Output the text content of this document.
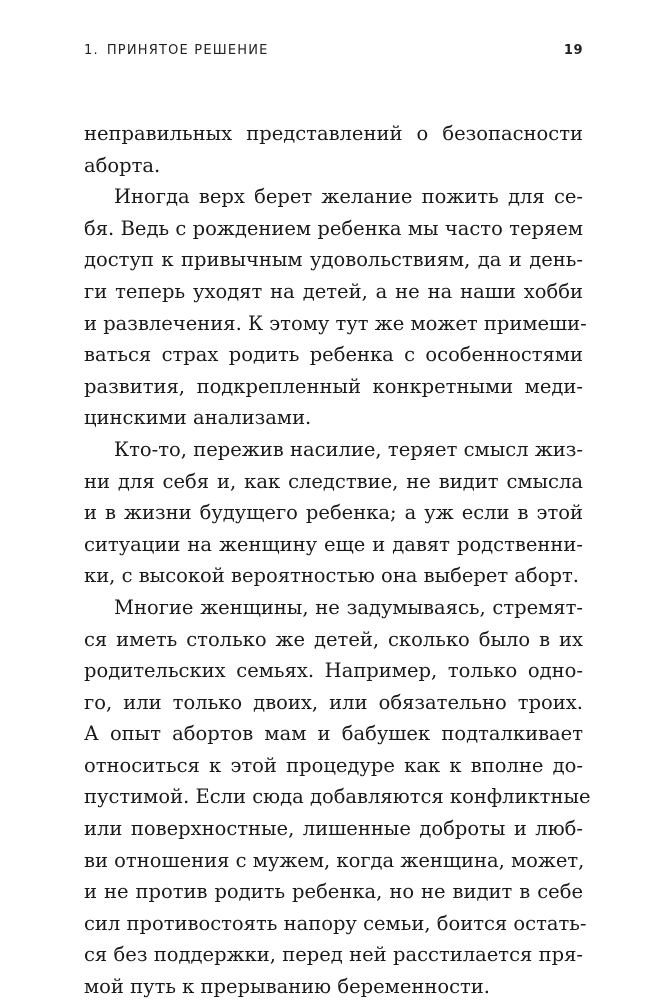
1. ПРИНЯТОЕ РЕШЕНИЕ	19
неправильных представлений о безопасности
аборта.
Иногда верх берет желание пожить для се-
бя. Ведь с рождением ребенка мы часто теряем
доступ к привычным удовольствиям, да и день-
ги теперь уходят на детей, а не на наши хобби
и развлечения. К этому тут же может примеши-
ваться страх родить ребенка с особенностями
развития, подкрепленный конкретными меди-
цинскими анализами.
Кто-то, пережив насилие, теряет смысл жиз-
ни для себя и, как следствие, не видит смысла
и в жизни будущего ребенка; а уж если в этой
ситуации на женщину еще и давят родственни-
ки, с высокой вероятностью она выберет аборт.
Многие женщины, не задумываясь, стремят-
ся иметь столько же детей, сколько было в их
родительских семьях. Например, только одно-
го, или только двоих, или обязательно троих.
А опыт абортов мам и бабушек подталкивает
относиться к этой процедуре как к вполне до-
пустимой. Если сюда добавляются конфликтные
или поверхностные, лишенные доброты и люб-
ви отношения с мужем, когда женщина, может,
и не против родить ребенка, но не видит в себе
сил противостоять напору семьи, боится остать-
ся без поддержки, перед ней расстилается пря-
мой путь к прерыванию беременности.
